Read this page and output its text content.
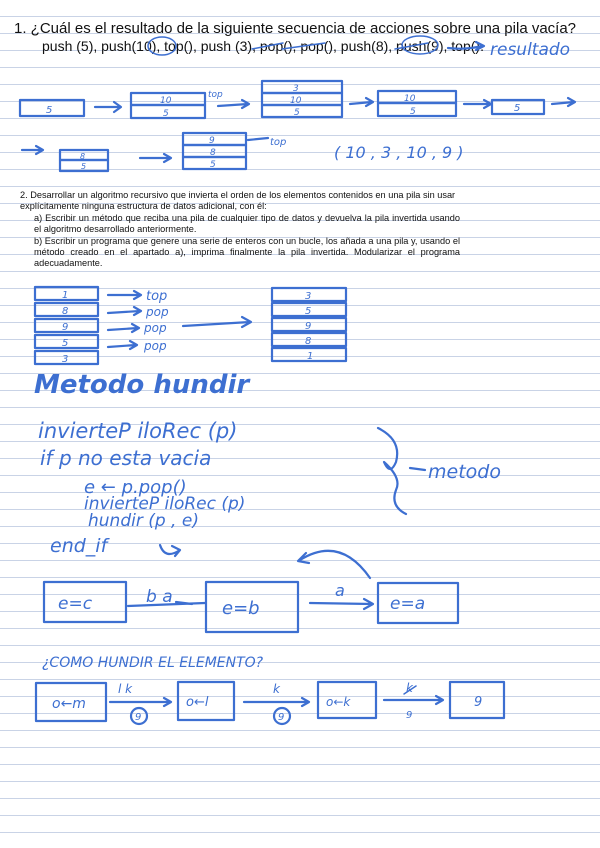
1. ¿Cuál es el resultado de la siguiente secuencia de acciones sobre una pila vacía?
push (5), push(10), top(), push (3), pop(), pop(), push(8), push(9), top().

2. Desarrollar un algoritmo recursivo que invierta el orden de los elementos contenidos en una pila sin usar explícitamente ninguna estructura de datos adicional, con él:

a) Escribir un método que reciba una pila de cualquier tipo de datos y devuelva la pila invertida usando el algoritmo desarrollado anteriormente.

b) Escribir un programa que genere una serie de enteros con un bucle, los añada a una pila y, usando el método creado en el apartado a), imprima finalmente la pila invertida. Modularizar el programa adecuadamente.

resultado
5
10
5
top
3
10
5
10
5	5
8
5
9
8
5
top
( 10 , 3 , 10 , 9 )
1
8
9
5
3
top
pop
pop
pop
3
5
9
8
1
Metodo hundir
invierteP iloRec (p)
if p no esta vacia
e ← p.pop()
invierteP iloRec (p)
hundir (p , e)
end_if
metodo
e=c	b a
e=b
a
e=a
¿COMO HUNDIR EL ELEMENTO?
o←m
l k
9
o←l
k
9
o←k
k
9
9
